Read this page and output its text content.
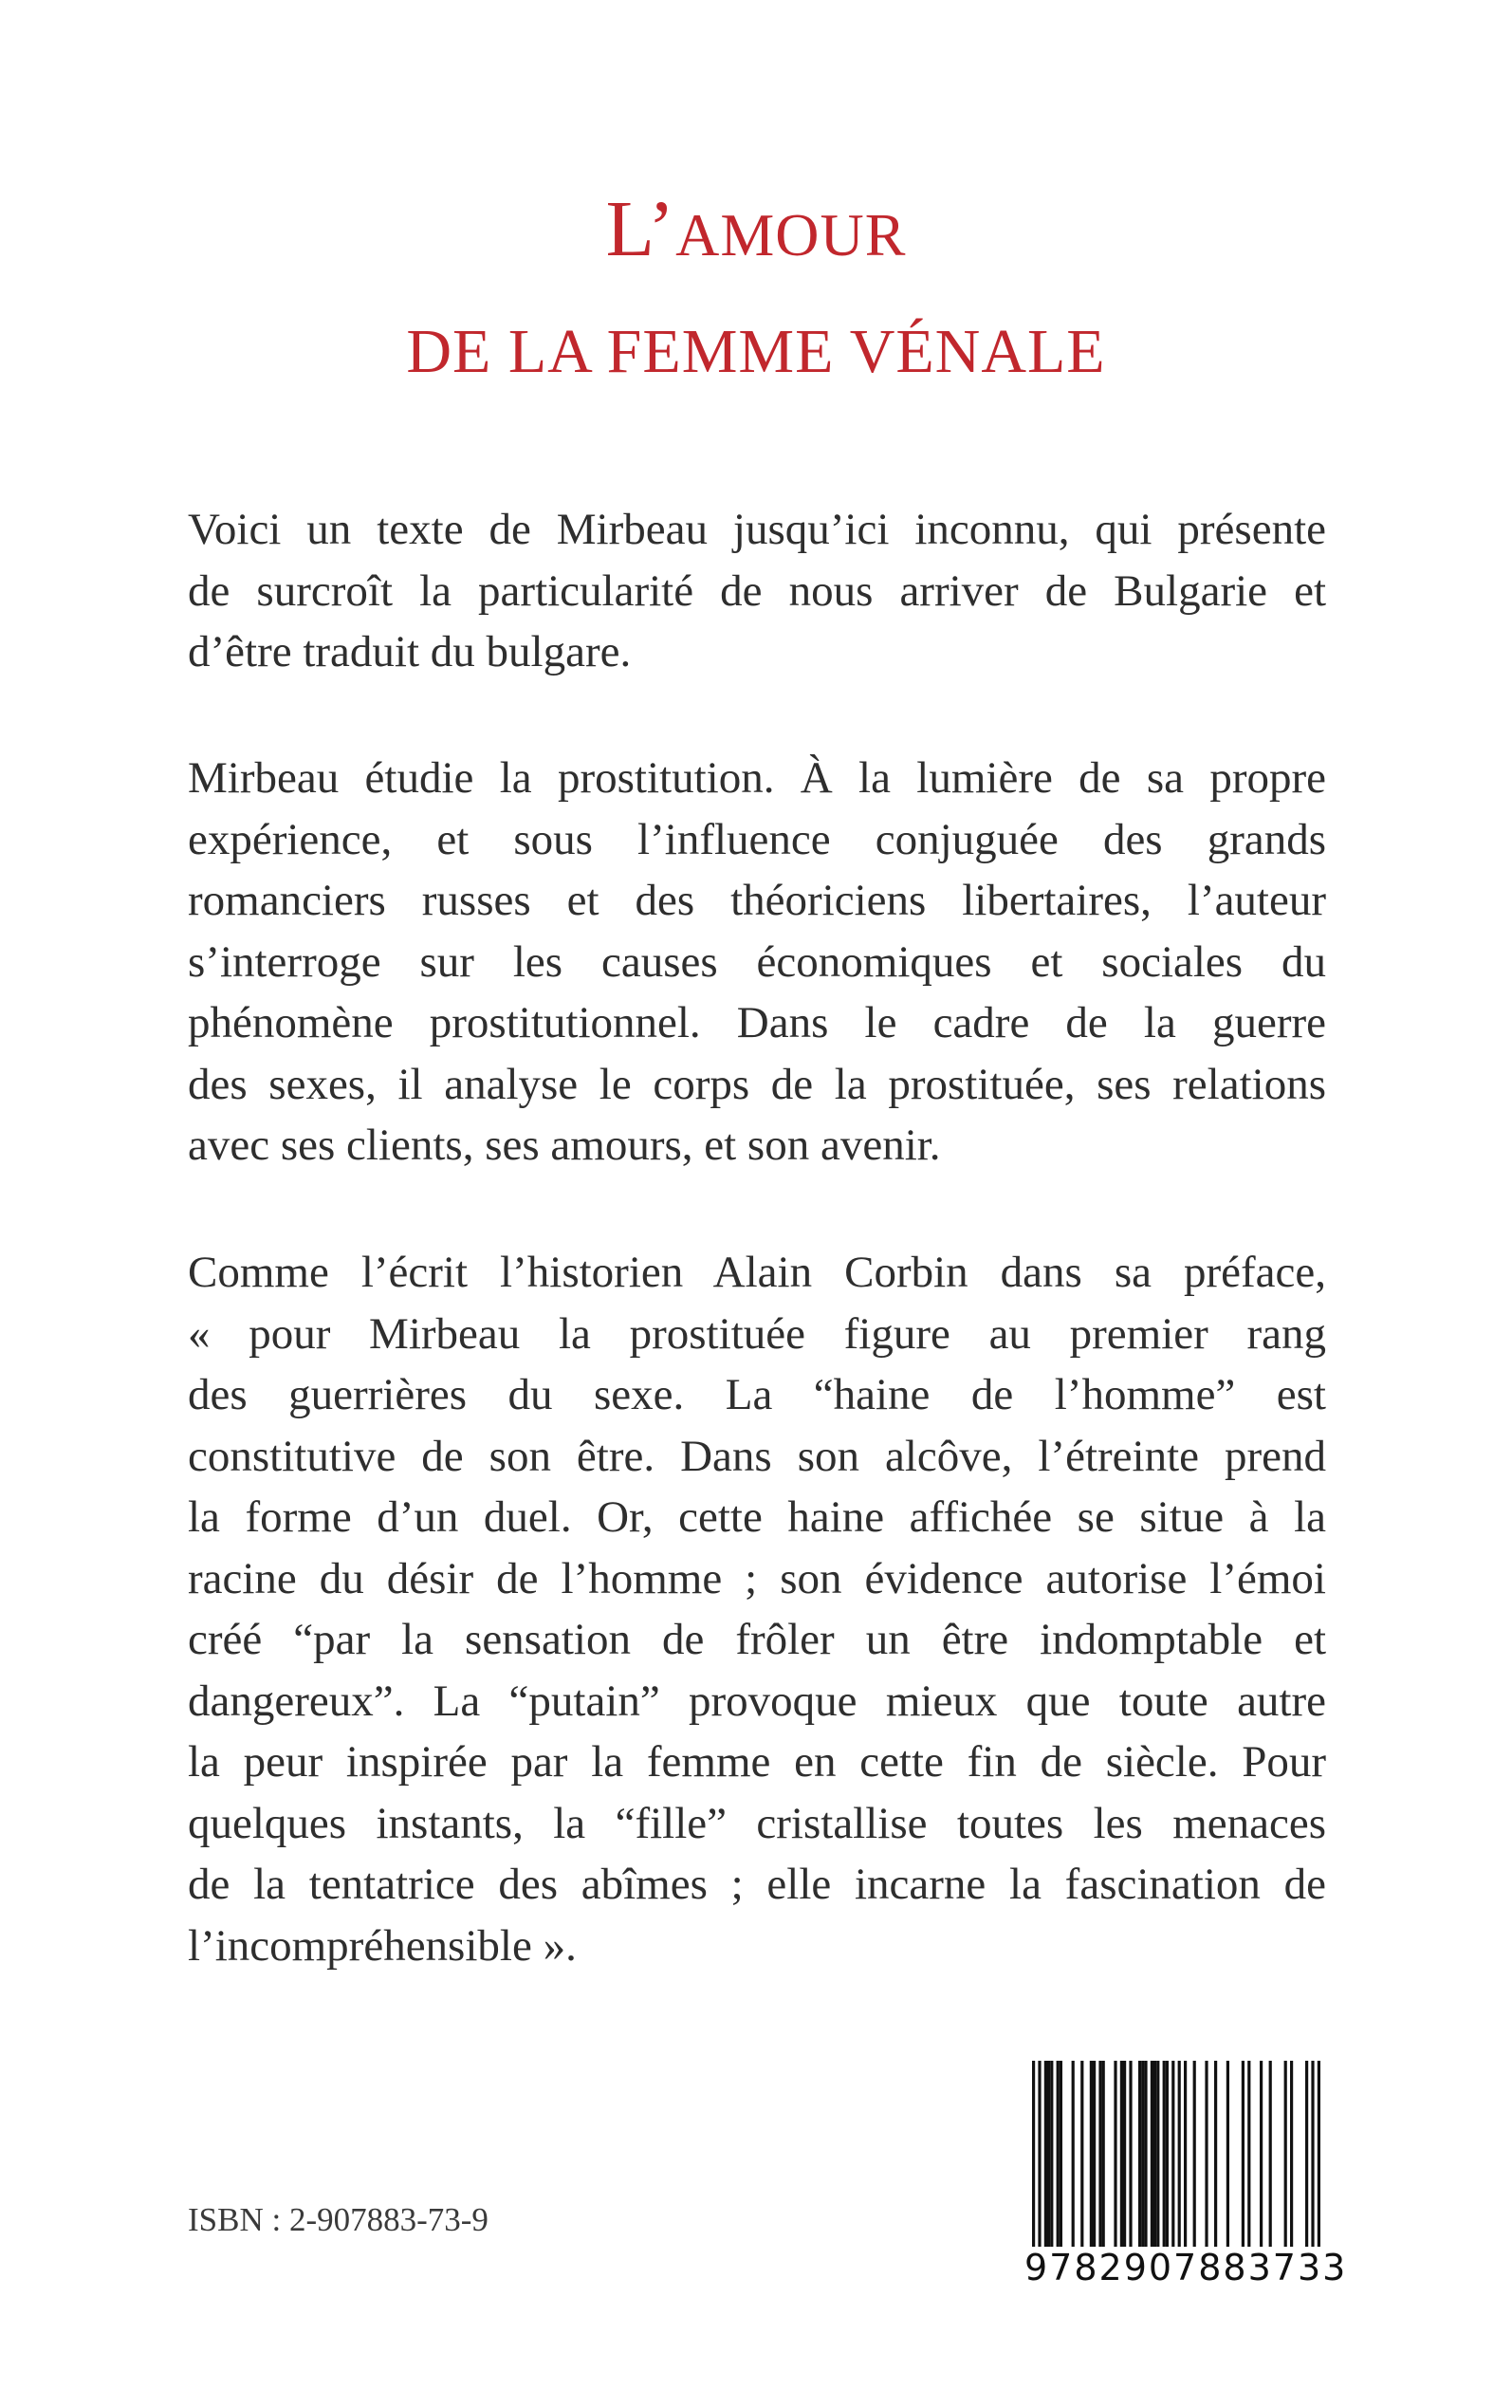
L’AMOUR
DE LA FEMME VÉNALE
Voici un texte de Mirbeau jusqu’ici inconnu, qui présente
de surcroît la particularité de nous arriver de Bulgarie et
d’être traduit du bulgare.
Mirbeau étudie la prostitution. À la lumière de sa propre
expérience, et sous l’influence conjuguée des grands
romanciers russes et des théoriciens libertaires, l’auteur
s’interroge sur les causes économiques et sociales du
phénomène prostitutionnel. Dans le cadre de la guerre
des sexes, il analyse le corps de la prostituée, ses relations
avec ses clients, ses amours, et son avenir.
Comme l’écrit l’historien Alain Corbin dans sa préface,
« pour Mirbeau la prostituée figure au premier rang
des guerrières du sexe. La “haine de l’homme” est
constitutive de son être. Dans son alcôve, l’étreinte prend
la forme d’un duel. Or, cette haine affichée se situe à la
racine du désir de l’homme ; son évidence autorise l’émoi
créé “par la sensation de frôler un être indomptable et
dangereux”. La “putain” provoque mieux que toute autre
la peur inspirée par la femme en cette fin de siècle. Pour
quelques instants, la “fille” cristallise toutes les menaces
de la tentatrice des abîmes ; elle incarne la fascination de
l’incompréhensible ».
ISBN : 2-907883-73-9
9782907883733
